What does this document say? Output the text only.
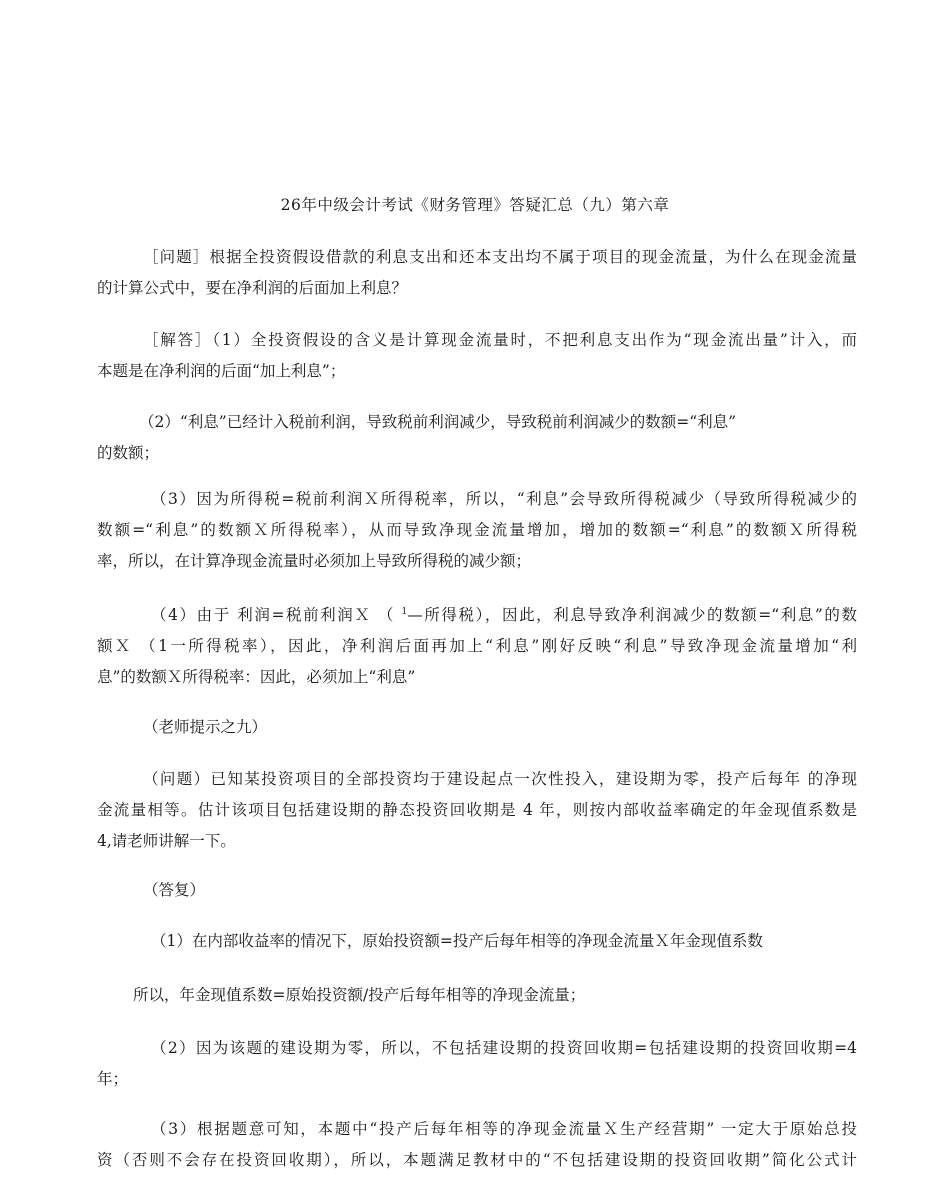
26年中级会计考试《财务管理》答疑汇总（九）第六章
［问题］根据全投资假设借款的利息支出和还本支出均不属于项目的现金流量，为什么在现金流量
的计算公式中，要在净利润的后面加上利息？
［解答］（1）全投资假设的含义是计算现金流量时，不把利息支出作为“现金流出量”计入，而
本题是在净利润的后面“加上利息”；
（2）“利息”已经计入税前利润，导致税前利润减少，导致税前利润减少的数额=“利息”
的数额；
（3）因为所得税=税前利润Ｘ所得税率，所以，“利息”会导致所得税减少（导致所得税减少的
数额=“利息”的数额Ｘ所得税率），从而导致净现金流量增加，增加的数额=“利息”的数额Ｘ所得税
率，所以，在计算净现金流量时必须加上导致所得税的减少额；
（4）由于 利润=税前利润Ｘ （ $^1$—所得税），因此，利息导致净利润减少的数额=“利息”的数
额Ｘ （1一所得税率），因此，净利润后面再加上“利息”刚好反映“利息”导致净现金流量增加“利
息”的数额Ｘ所得税率：因此，必须加上“利息”
（老师提示之九）
（问题）已知某投资项目的全部投资均于建设起点一次性投入，建设期为零，投产后每年 的净现
金流量相等。估计该项目包括建设期的静态投资回收期是 4 年，则按内部收益率确定的年金现值系数是
4,请老师讲解一下。
（答复）
（1）在内部收益率的情况下，原始投资额=投产后每年相等的净现金流量Ｘ年金现值系数
所以，年金现值系数=原始投资额/投产后每年相等的净现金流量；
（2）因为该题的建设期为零，所以，不包括建设期的投资回收期=包括建设期的投资回收期=4
年；
（3）根据题意可知，本题中“投产后每年相等的净现金流量Ｘ生产经营期” 一定大于原始总投
资（否则不会存在投资回收期），所以，本题满足教材中的“不包括建设期的投资回收期”简化公式计
